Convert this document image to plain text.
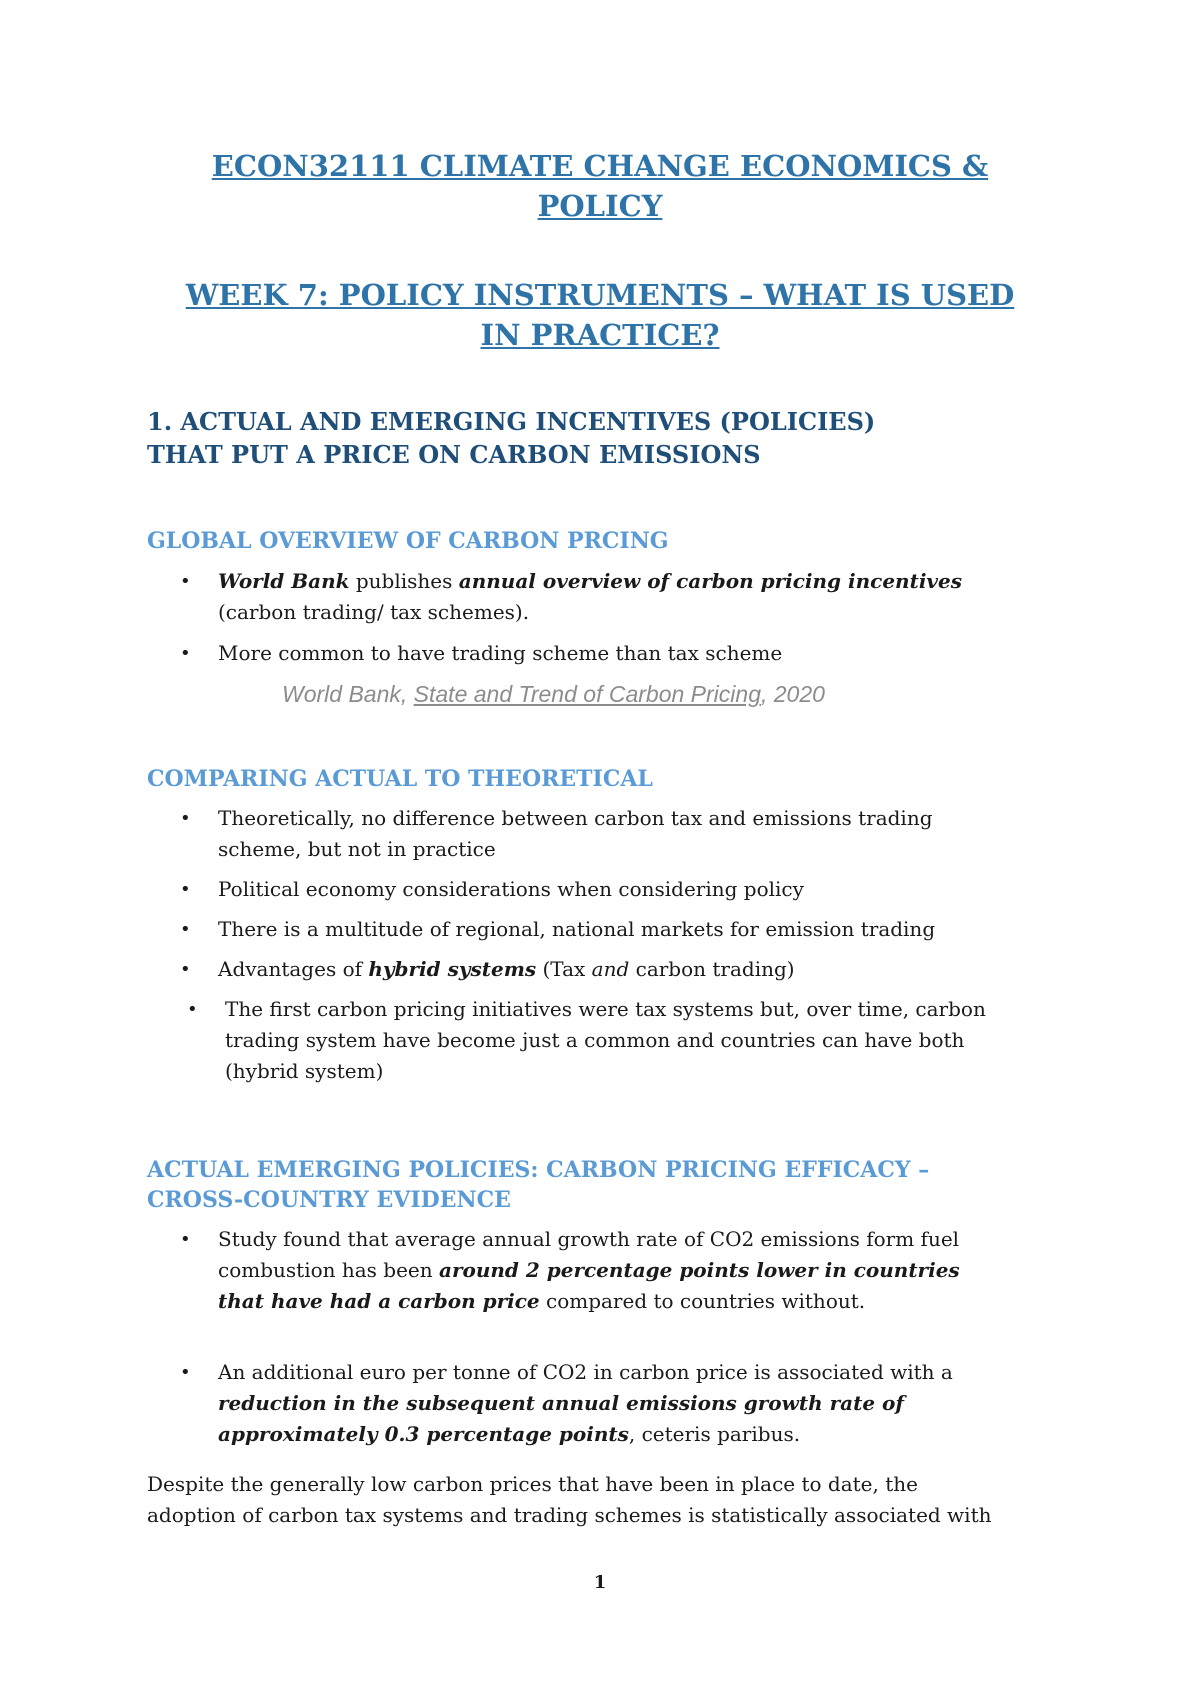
ECON32111 CLIMATE CHANGE ECONOMICS &
POLICY
WEEK 7: POLICY INSTRUMENTS – WHAT IS USED
IN PRACTICE?
1. ACTUAL AND EMERGING INCENTIVES (POLICIES)
THAT PUT A PRICE ON CARBON EMISSIONS
GLOBAL OVERVIEW OF CARBON PRCING
• World Bank publishes annual overview of carbon pricing incentives
(carbon trading/ tax schemes).
• More common to have trading scheme than tax scheme

World Bank, State and Trend of Carbon Pricing, 2020

COMPARING ACTUAL TO THEORETICAL
• Theoretically, no difference between carbon tax and emissions trading
scheme, but not in practice
• Political economy considerations when considering policy
• There is a multitude of regional, national markets for emission trading
• Advantages of hybrid systems (Tax and carbon trading)
• The first carbon pricing initiatives were tax systems but, over time, carbon
trading system have become just a common and countries can have both
(hybrid system)
ACTUAL EMERGING POLICIES: CARBON PRICING EFFICACY –
CROSS-COUNTRY EVIDENCE
• Study found that average annual growth rate of CO2 emissions form fuel
combustion has been around 2 percentage points lower in countries
that have had a carbon price compared to countries without.
• An additional euro per tonne of CO2 in carbon price is associated with a
reduction in the subsequent annual emissions growth rate of
approximately 0.3 percentage points, ceteris paribus.

Despite the generally low carbon prices that have been in place to date, the
adoption of carbon tax systems and trading schemes is statistically associated with

1
